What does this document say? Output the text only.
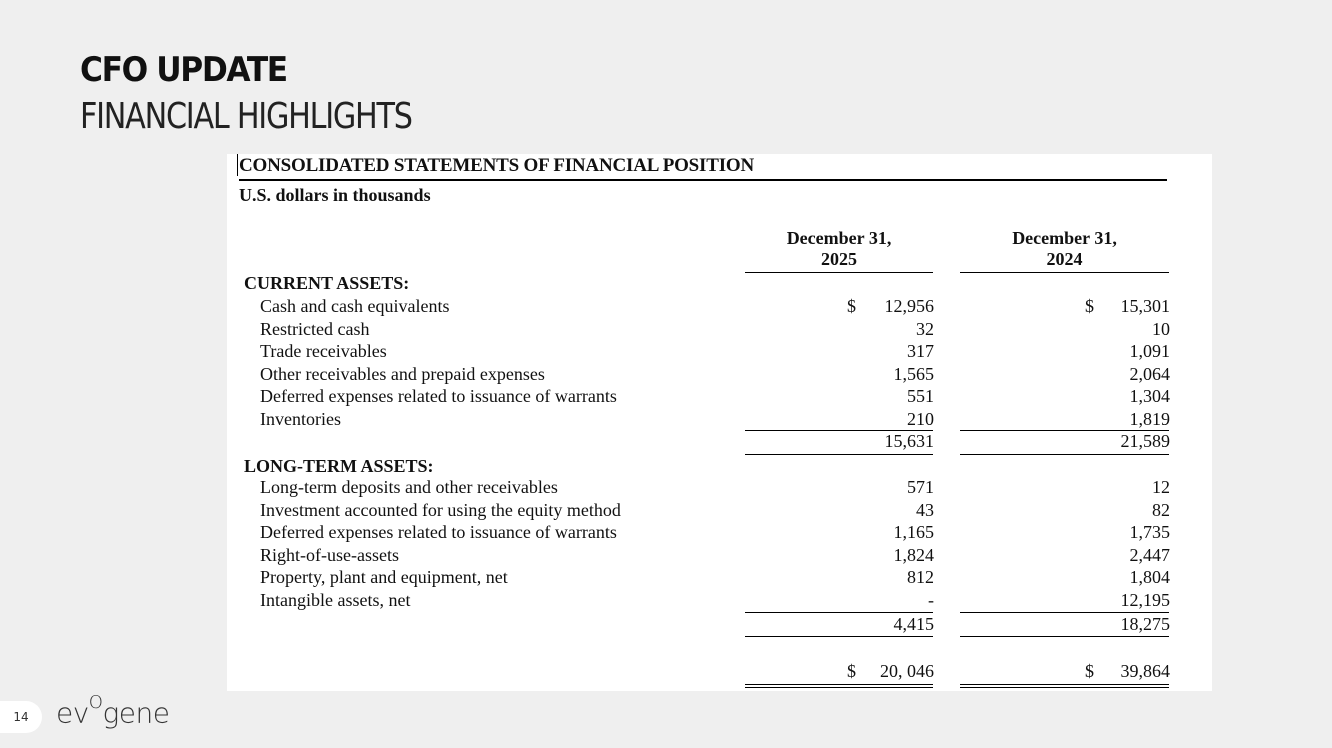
CFO UPDATE
FINANCIAL HIGHLIGHTS
CONSOLIDATED STATEMENTS OF FINANCIAL POSITION
U.S. dollars in thousands
December 31,
2025
December 31,
2024
CURRENT ASSETS:
Cash and cash equivalents	$ 12,956	$ 15,301
Restricted cash	32	10
Trade receivables	317	1,091
Other receivables and prepaid expenses	1,565	2,064
Deferred expenses related to issuance of warrants	551	1,304
Inventories	210	1,819
15,631	21,589
LONG-TERM ASSETS:
Long-term deposits and other receivables	571	12
Investment accounted for using the equity method	43	82
Deferred expenses related to issuance of warrants	1,165	1,735
Right-of-use-assets	1,824	2,447
Property, plant and equipment, net	812	1,804
Intangible assets, net	-	12,195
4,415	18,275
$ 20, 046	$ 39,864
14 $ev^Ogene$
